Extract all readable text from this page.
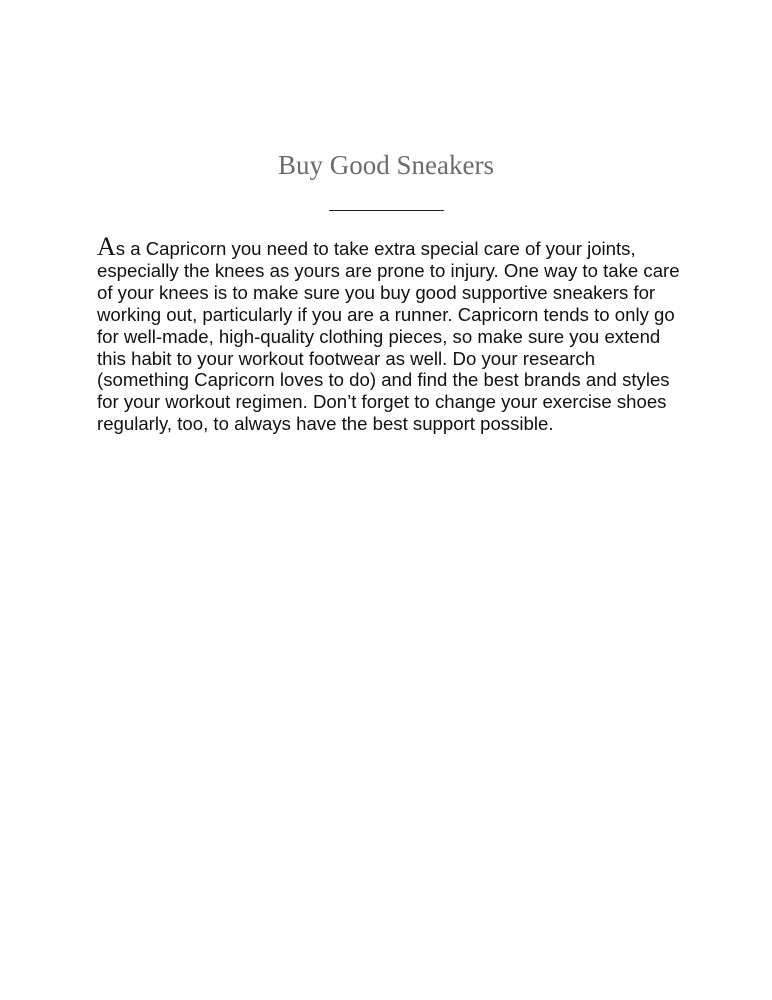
Buy Good Sneakers

As a Capricorn you need to take extra special care of your joints, especially the knees as yours are prone to injury. One way to take care of your knees is to make sure you buy good supportive sneakers for working out, particularly if you are a runner. Capricorn tends to only go for well-made, high-quality clothing pieces, so make sure you extend this habit to your workout footwear as well. Do your research (something Capricorn loves to do) and find the best brands and styles for your workout regimen. Don’t forget to change your exercise shoes regularly, too, to always have the best support possible.
